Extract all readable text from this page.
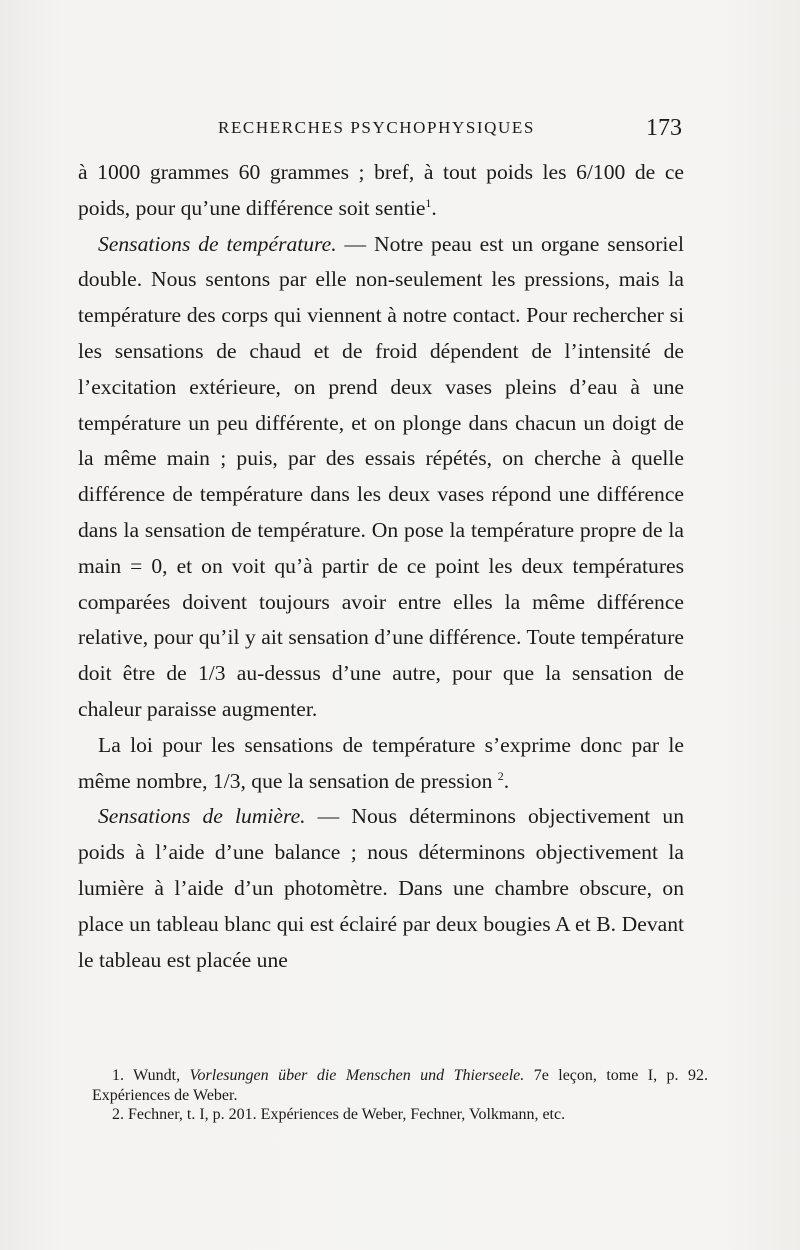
RECHERCHES PSYCHOPHYSIQUES	173

à 1000 grammes 60 grammes ; bref, à tout poids les 6/100 de ce poids, pour qu’une différence soit sentie$^1$.

Sensations de température. — Notre peau est un organe sensoriel double. Nous sentons par elle non-seulement les pressions, mais la température des corps qui viennent à notre contact. Pour rechercher si les sensations de chaud et de froid dépendent de l’intensité de l’excitation extérieure, on prend deux vases pleins d’eau à une température un peu différente, et on plonge dans chacun un doigt de la même main ; puis, par des essais répétés, on cherche à quelle différence de température dans les deux vases répond une différence dans la sensation de température. On pose la température propre de la main = 0, et on voit qu’à partir de ce point les deux températures comparées doivent toujours avoir entre elles la même différence relative, pour qu’il y ait sensation d’une différence. Toute température doit être de 1/3 au-dessus d’une autre, pour que la sensation de chaleur paraisse augmenter.

La loi pour les sensations de température s’exprime donc par le même nombre, 1/3, que la sensation de pression $^2$.

Sensations de lumière. — Nous déterminons objectivement un poids à l’aide d’une balance ; nous déterminons objectivement la lumière à l’aide d’un photomètre. Dans une chambre obscure, on place un tableau blanc qui est éclairé par deux bougies A et B. Devant le tableau est placée une

1. Wundt, Vorlesungen über die Menschen und Thierseele. 7e leçon, tome I, p. 92. Expériences de Weber.

2. Fechner, t. I, p. 201. Expériences de Weber, Fechner, Volkmann, etc.
